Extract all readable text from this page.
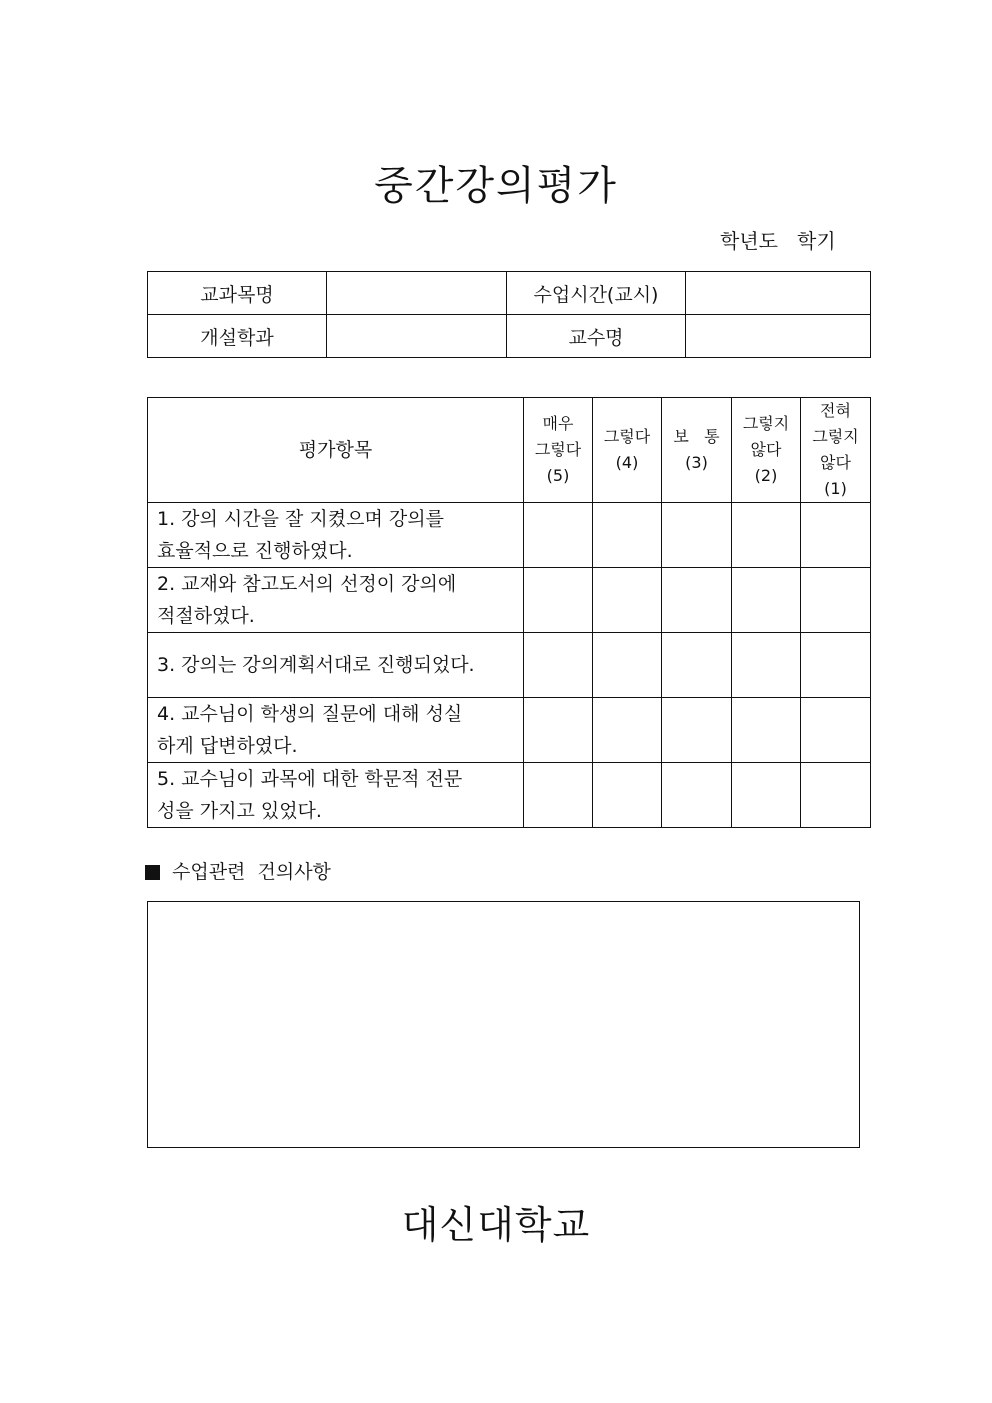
중간강의평가
학년도   학기
교과목명		수업시간(교시)	
개설학과		교수명	
평가항목	매우
그렇다
(5)	그렇다
(4)	보   통
(3)	그렇지
않다
(2)	전혀
그렇지
않다
(1)

1. 강의 시간을 잘 지켰으며 강의를
효율적으로 진행하였다.					

2. 교재와 참고도서의 선정이 강의에
적절하였다.					

3. 강의는 강의계획서대로 진행되었다.					

4. 교수님이 학생의 질문에 대해 성실
하게 답변하였다.					

5. 교수님이 과목에 대한 학문적 전문
성을 가지고 있었다.					

수업관련  건의사항
대신대학교
